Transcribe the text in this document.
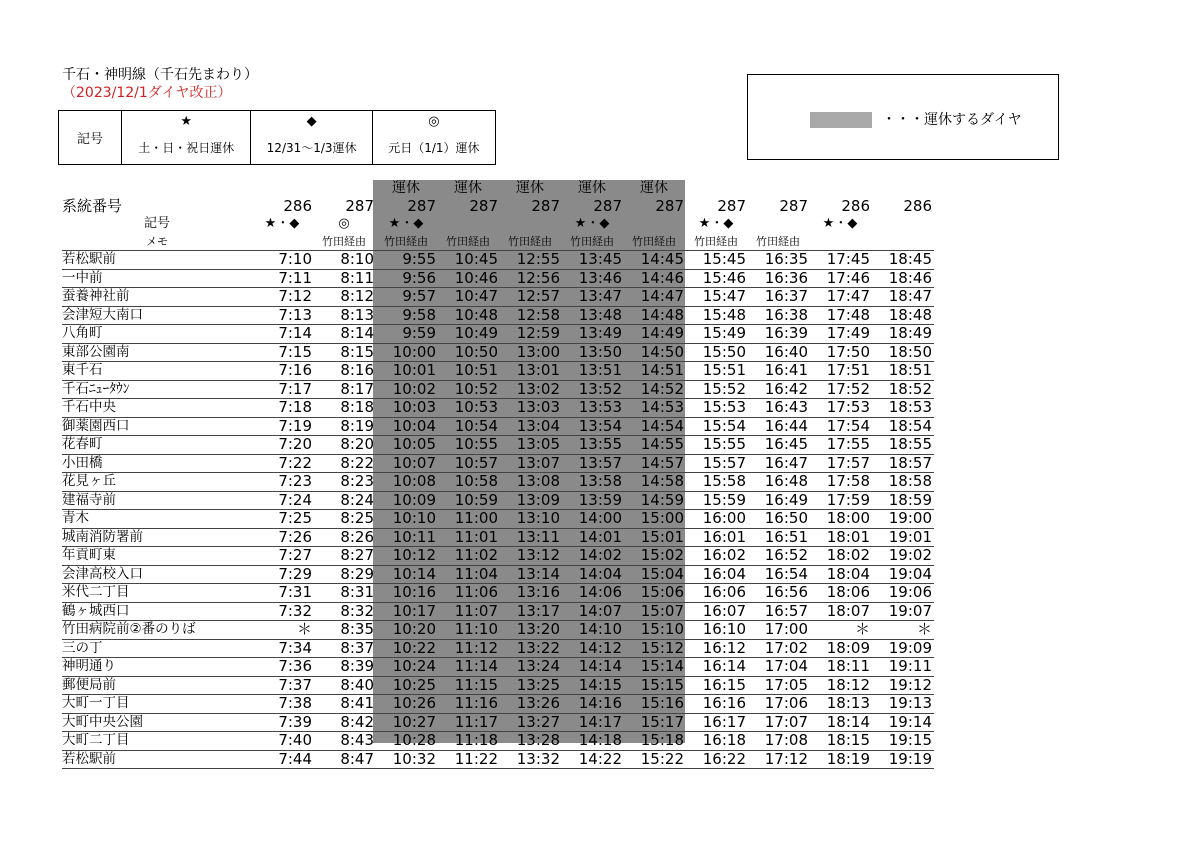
千石・神明線（千石先まわり）
（2023/12/1ダイヤ改正）
記号	★	◆	◎
	土・日・祝日運休	12/31～1/3運休	元日（1/1）運休
・・・運休するダイヤ
			運休	運休	運休	運休	運休				
系統番号	286	287	287	287	287	287	287	287	287	286	286
記号	★・◆	◎	★・◆			★・◆		★・◆		★・◆	
メモ		竹田経由	竹田経由	竹田経由	竹田経由	竹田経由	竹田経由	竹田経由	竹田経由		
若松駅前	7:10	8:10	9:55	10:45	12:55	13:45	14:45	15:45	16:35	17:45	18:45
一中前	7:11	8:11	9:56	10:46	12:56	13:46	14:46	15:46	16:36	17:46	18:46
蚕養神社前	7:12	8:12	9:57	10:47	12:57	13:47	14:47	15:47	16:37	17:47	18:47
会津短大南口	7:13	8:13	9:58	10:48	12:58	13:48	14:48	15:48	16:38	17:48	18:48
八角町	7:14	8:14	9:59	10:49	12:59	13:49	14:49	15:49	16:39	17:49	18:49
東部公園南	7:15	8:15	10:00	10:50	13:00	13:50	14:50	15:50	16:40	17:50	18:50
東千石	7:16	8:16	10:01	10:51	13:01	13:51	14:51	15:51	16:41	17:51	18:51
千石ﾆｭｰﾀｳﾝ	7:17	8:17	10:02	10:52	13:02	13:52	14:52	15:52	16:42	17:52	18:52
千石中央	7:18	8:18	10:03	10:53	13:03	13:53	14:53	15:53	16:43	17:53	18:53
御薬園西口	7:19	8:19	10:04	10:54	13:04	13:54	14:54	15:54	16:44	17:54	18:54
花春町	7:20	8:20	10:05	10:55	13:05	13:55	14:55	15:55	16:45	17:55	18:55
小田橋	7:22	8:22	10:07	10:57	13:07	13:57	14:57	15:57	16:47	17:57	18:57
花見ヶ丘	7:23	8:23	10:08	10:58	13:08	13:58	14:58	15:58	16:48	17:58	18:58
建福寺前	7:24	8:24	10:09	10:59	13:09	13:59	14:59	15:59	16:49	17:59	18:59
青木	7:25	8:25	10:10	11:00	13:10	14:00	15:00	16:00	16:50	18:00	19:00
城南消防署前	7:26	8:26	10:11	11:01	13:11	14:01	15:01	16:01	16:51	18:01	19:01
年貢町東	7:27	8:27	10:12	11:02	13:12	14:02	15:02	16:02	16:52	18:02	19:02
会津高校入口	7:29	8:29	10:14	11:04	13:14	14:04	15:04	16:04	16:54	18:04	19:04
米代二丁目	7:31	8:31	10:16	11:06	13:16	14:06	15:06	16:06	16:56	18:06	19:06
鶴ヶ城西口	7:32	8:32	10:17	11:07	13:17	14:07	15:07	16:07	16:57	18:07	19:07
竹田病院前②番のりば	＊	8:35	10:20	11:10	13:20	14:10	15:10	16:10	17:00	＊	＊
三の丁	7:34	8:37	10:22	11:12	13:22	14:12	15:12	16:12	17:02	18:09	19:09
神明通り	7:36	8:39	10:24	11:14	13:24	14:14	15:14	16:14	17:04	18:11	19:11
郵便局前	7:37	8:40	10:25	11:15	13:25	14:15	15:15	16:15	17:05	18:12	19:12
大町一丁目	7:38	8:41	10:26	11:16	13:26	14:16	15:16	16:16	17:06	18:13	19:13
大町中央公園	7:39	8:42	10:27	11:17	13:27	14:17	15:17	16:17	17:07	18:14	19:14
大町二丁目	7:40	8:43	10:28	11:18	13:28	14:18	15:18	16:18	17:08	18:15	19:15
若松駅前	7:44	8:47	10:32	11:22	13:32	14:22	15:22	16:22	17:12	18:19	19:19
